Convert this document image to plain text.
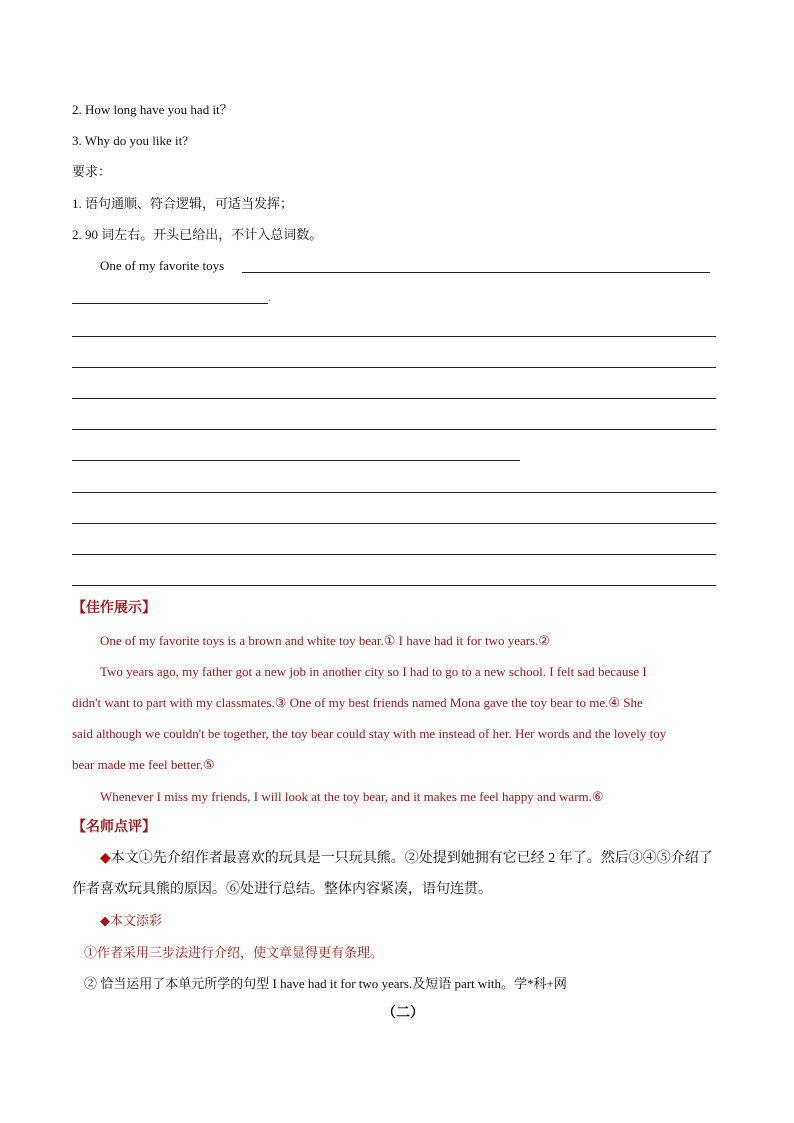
2. How long have you had it？
3. Why do you like it?
要求：
1. 语句通顺、符合逻辑，可适当发挥；
2. 90 词左右。开头已给出，不计入总词数。
One of my favorite toys
.
【佳作展示】
One of my favorite toys is a brown and white toy bear.① I have had it for two years.②
Two years ago, my father got a new job in another city so I had to go to a new school. I felt sad because I
didn't want to part with my classmates.③ One of my best friends named Mona gave the toy bear to me.④ She
said although we couldn't be together, the toy bear could stay with me instead of her. Her words and the lovely toy
bear made me feel better.⑤
Whenever I miss my friends, I will look at the toy bear, and it makes me feel happy and warm.⑥
【名师点评】
◆本文①先介绍作者最喜欢的玩具是一只玩具熊。②处提到她拥有它已经 2 年了。然后③④⑤介绍了
作者喜欢玩具熊的原因。⑥处进行总结。整体内容紧凑，语句连贯。
◆本文添彩
①作者采用三步法进行介绍，使文章显得更有条理。
② 恰当运用了本单元所学的句型 I have had it for two years.及短语 part with。学*科+网
（二）
